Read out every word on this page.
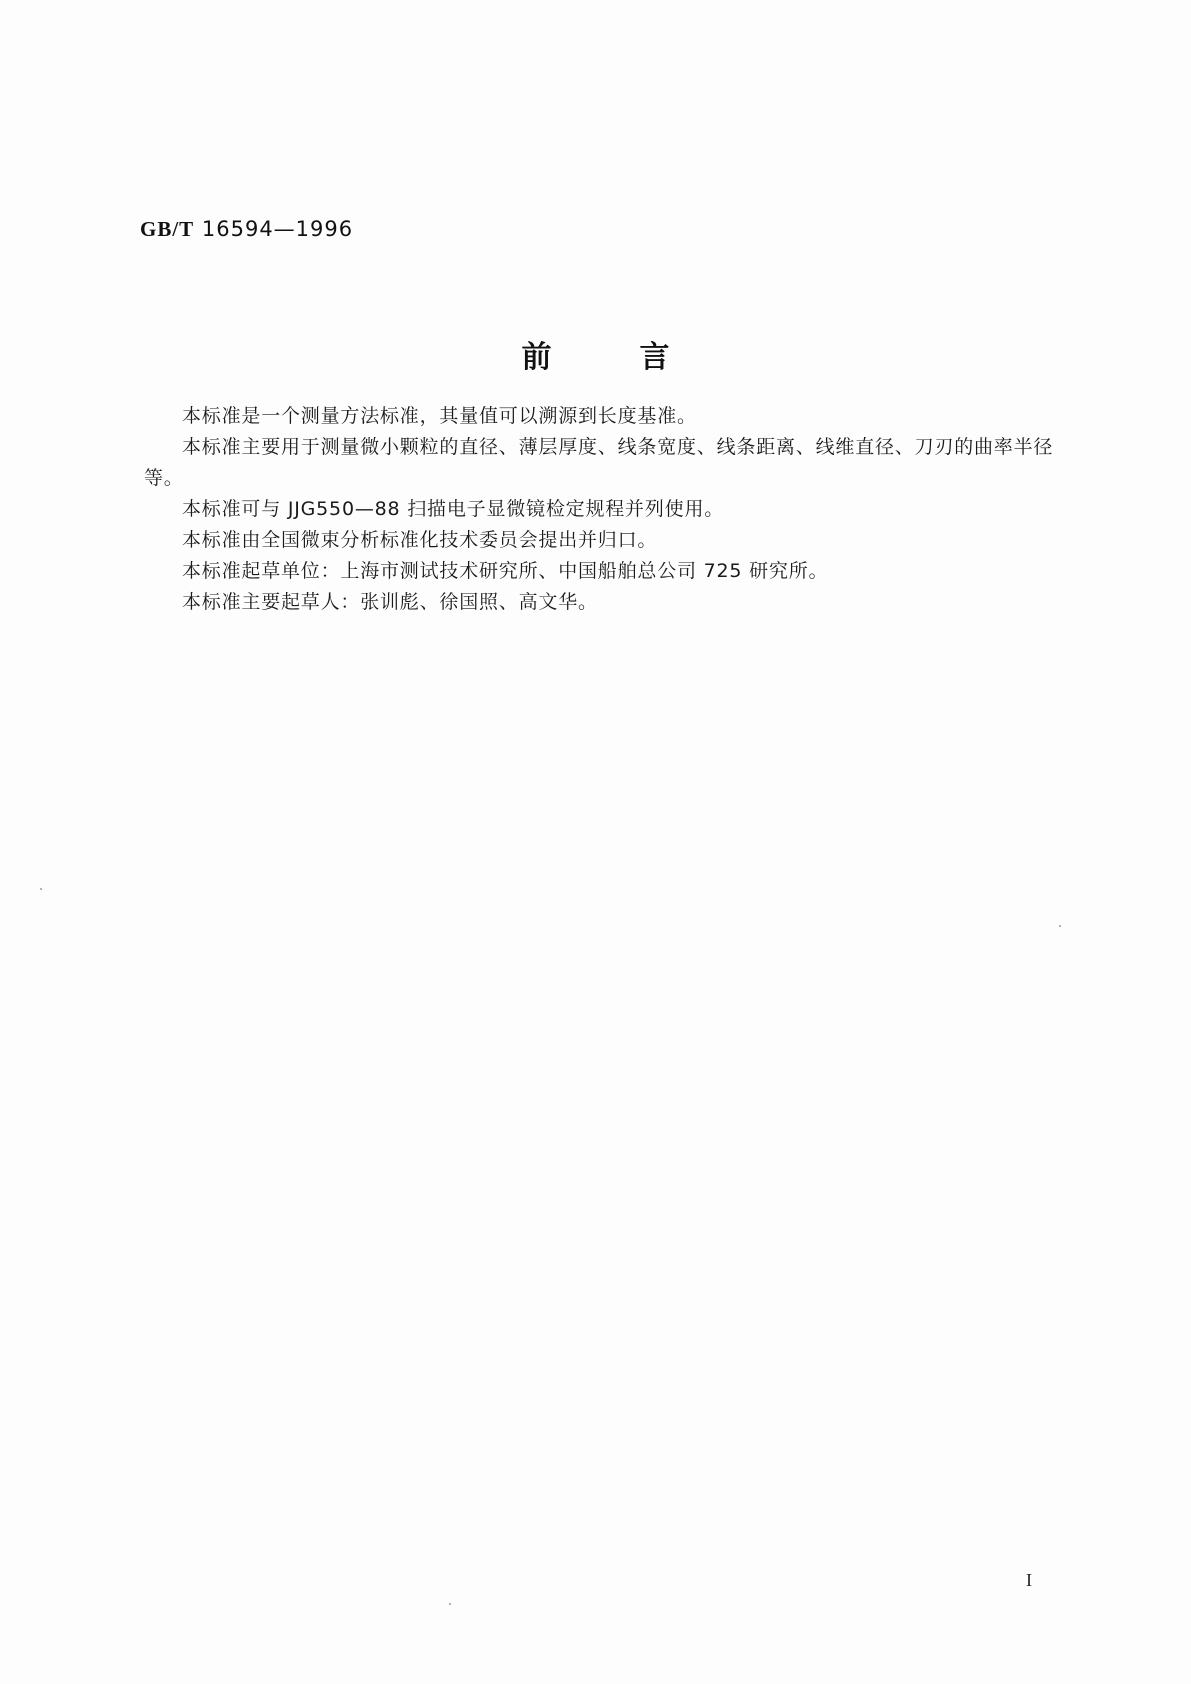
GB/T 16594—1996
前言

本标准是一个测量方法标准，其量值可以溯源到长度基准。

本标准主要用于测量微小颗粒的直径、薄层厚度、线条宽度、线条距离、线维直径、刀刃的曲率半径等。

本标准可与 JJG550—88 扫描电子显微镜检定规程并列使用。

本标准由全国微束分析标准化技术委员会提出并归口。

本标准起草单位：上海市测试技术研究所、中国船舶总公司 725 研究所。

本标准主要起草人：张训彪、徐国照、高文华。

I
